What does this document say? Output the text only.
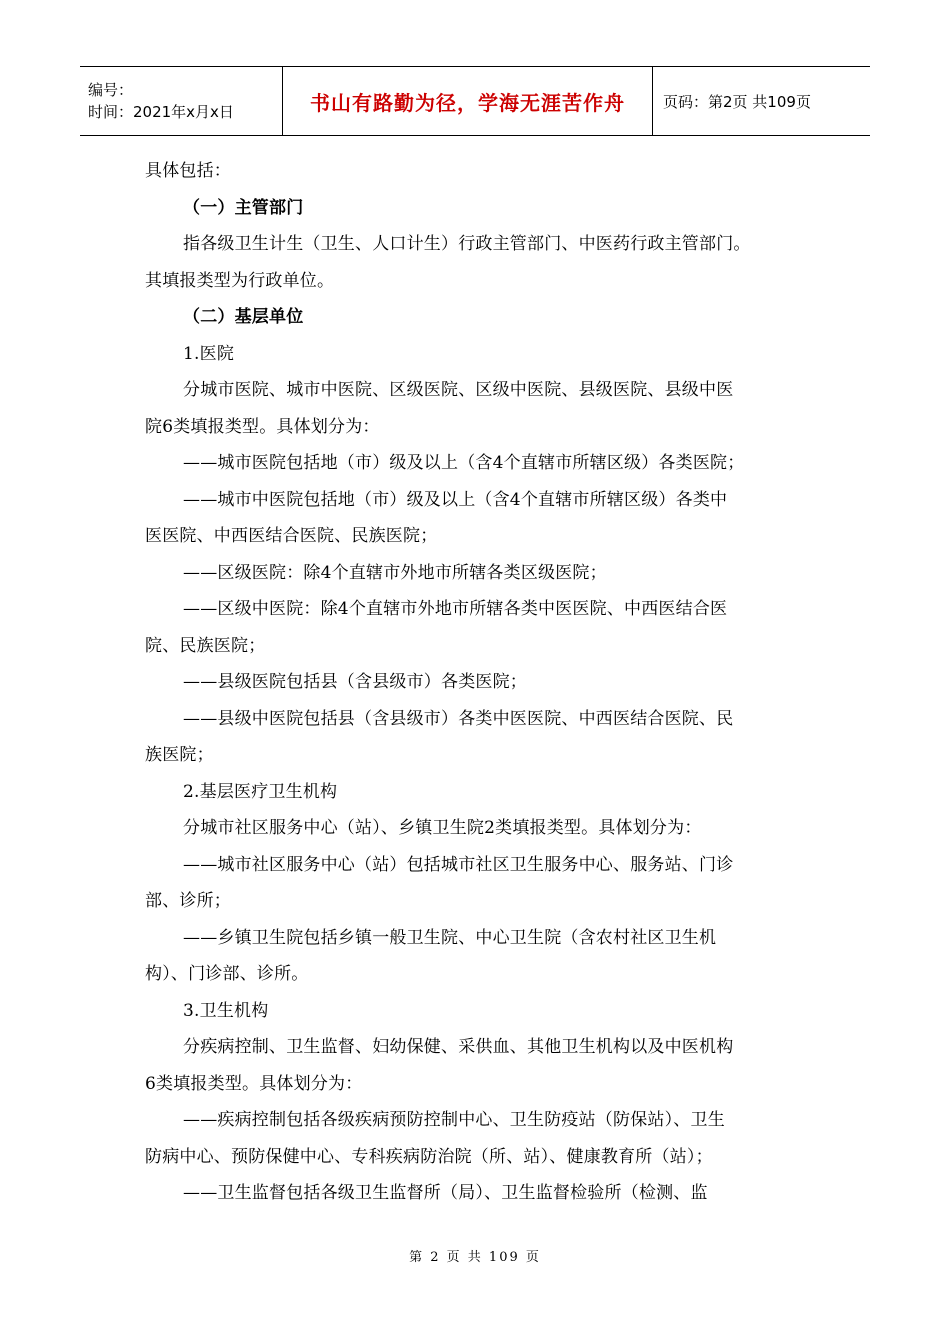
编号：
时间：2021年x月x日	书山有路勤为径，学海无涯苦作舟	页码：第2页 共109页
具体包括：
（一）主管部门
指各级卫生计生（卫生、人口计生）行政主管部门、中医药行政主管部门。
其填报类型为行政单位。
（二）基层单位
1.医院
分城市医院、城市中医院、区级医院、区级中医院、县级医院、县级中医
院6类填报类型。具体划分为：
——城市医院包括地（市）级及以上（含4个直辖市所辖区级）各类医院；
——城市中医院包括地（市）级及以上（含4个直辖市所辖区级）各类中
医医院、中西医结合医院、民族医院；
——区级医院：除4个直辖市外地市所辖各类区级医院；
——区级中医院：除4个直辖市外地市所辖各类中医医院、中西医结合医
院、民族医院；
——县级医院包括县（含县级市）各类医院；
——县级中医院包括县（含县级市）各类中医医院、中西医结合医院、民
族医院；
2.基层医疗卫生机构
分城市社区服务中心（站）、乡镇卫生院2类填报类型。具体划分为：
——城市社区服务中心（站）包括城市社区卫生服务中心、服务站、门诊
部、诊所；
——乡镇卫生院包括乡镇一般卫生院、中心卫生院（含农村社区卫生机
构）、门诊部、诊所。
3.卫生机构
分疾病控制、卫生监督、妇幼保健、采供血、其他卫生机构以及中医机构
6类填报类型。具体划分为：
——疾病控制包括各级疾病预防控制中心、卫生防疫站（防保站）、卫生
防病中心、预防保健中心、专科疾病防治院（所、站）、健康教育所（站）；
——卫生监督包括各级卫生监督所（局）、卫生监督检验所（检测、监
第 2 页 共 109 页
